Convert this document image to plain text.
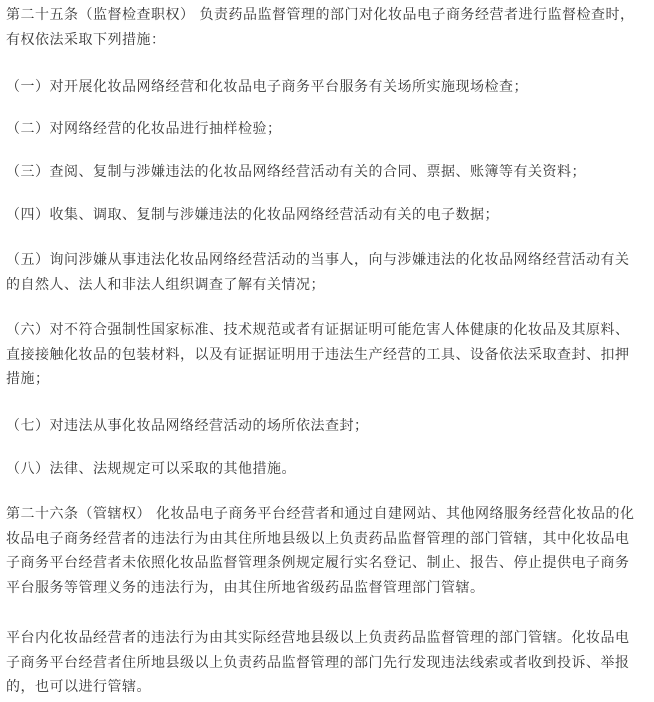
第二十五条（监督检查职权） 负责药品监督管理的部门对化妆品电子商务经营者进行监督检查时，
有权依法采取下列措施：

（一）对开展化妆品网络经营和化妆品电子商务平台服务有关场所实施现场检查；

（二）对网络经营的化妆品进行抽样检验；

（三）查阅、复制与涉嫌违法的化妆品网络经营活动有关的合同、票据、账簿等有关资料；

（四）收集、调取、复制与涉嫌违法的化妆品网络经营活动有关的电子数据；

（五）询问涉嫌从事违法化妆品网络经营活动的当事人，向与涉嫌违法的化妆品网络经营活动有关
的自然人、法人和非法人组织调查了解有关情况；

（六）对不符合强制性国家标准、技术规范或者有证据证明可能危害人体健康的化妆品及其原料、
直接接触化妆品的包装材料，以及有证据证明用于违法生产经营的工具、设备依法采取查封、扣押
措施；

（七）对违法从事化妆品网络经营活动的场所依法查封；

（八）法律、法规规定可以采取的其他措施。

第二十六条（管辖权） 化妆品电子商务平台经营者和通过自建网站、其他网络服务经营化妆品的化
妆品电子商务经营者的违法行为由其住所地县级以上负责药品监督管理的部门管辖，其中化妆品电
子商务平台经营者未依照化妆品监督管理条例规定履行实名登记、制止、报告、停止提供电子商务
平台服务等管理义务的违法行为，由其住所地省级药品监督管理部门管辖。

平台内化妆品经营者的违法行为由其实际经营地县级以上负责药品监督管理的部门管辖。化妆品电
子商务平台经营者住所地县级以上负责药品监督管理的部门先行发现违法线索或者收到投诉、举报
的，也可以进行管辖。
